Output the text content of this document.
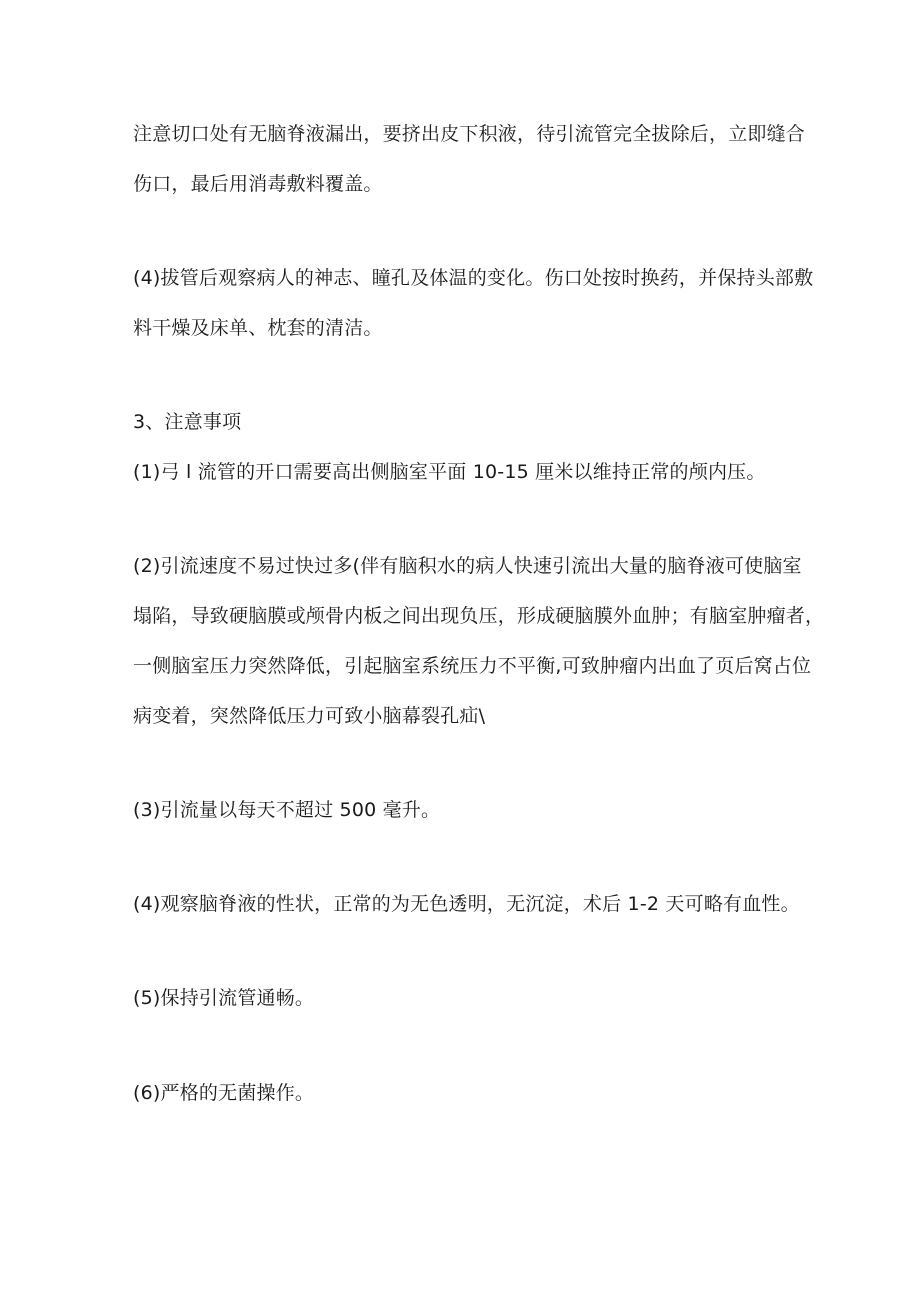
注意切口处有无脑脊液漏出，要挤出皮下积液，待引流管完全拔除后，立即缝合
伤口，最后用消毒敷料覆盖。
(4)拔管后观察病人的神志、瞳孔及体温的变化。伤口处按时换药，并保持头部敷
料干燥及床单、枕套的清洁。
3、注意事项
(1)弓 l 流管的开口需要高出侧脑室平面 10-15 厘米以维持正常的颅内压。
(2)引流速度不易过快过多(伴有脑积水的病人快速引流出大量的脑脊液可使脑室
塌陷，导致硬脑膜或颅骨内板之间出现负压，形成硬脑膜外血肿；有脑室肿瘤者，
一侧脑室压力突然降低，引起脑室系统压力不平衡,可致肿瘤内出血了页后窝占位
病变着，突然降低压力可致小脑幕裂孔疝\
(3)引流量以每天不超过 500 毫升。
(4)观察脑脊液的性状，正常的为无色透明，无沉淀，术后 1-2 天可略有血性。
(5)保持引流管通畅。
(6)严格的无菌操作。
